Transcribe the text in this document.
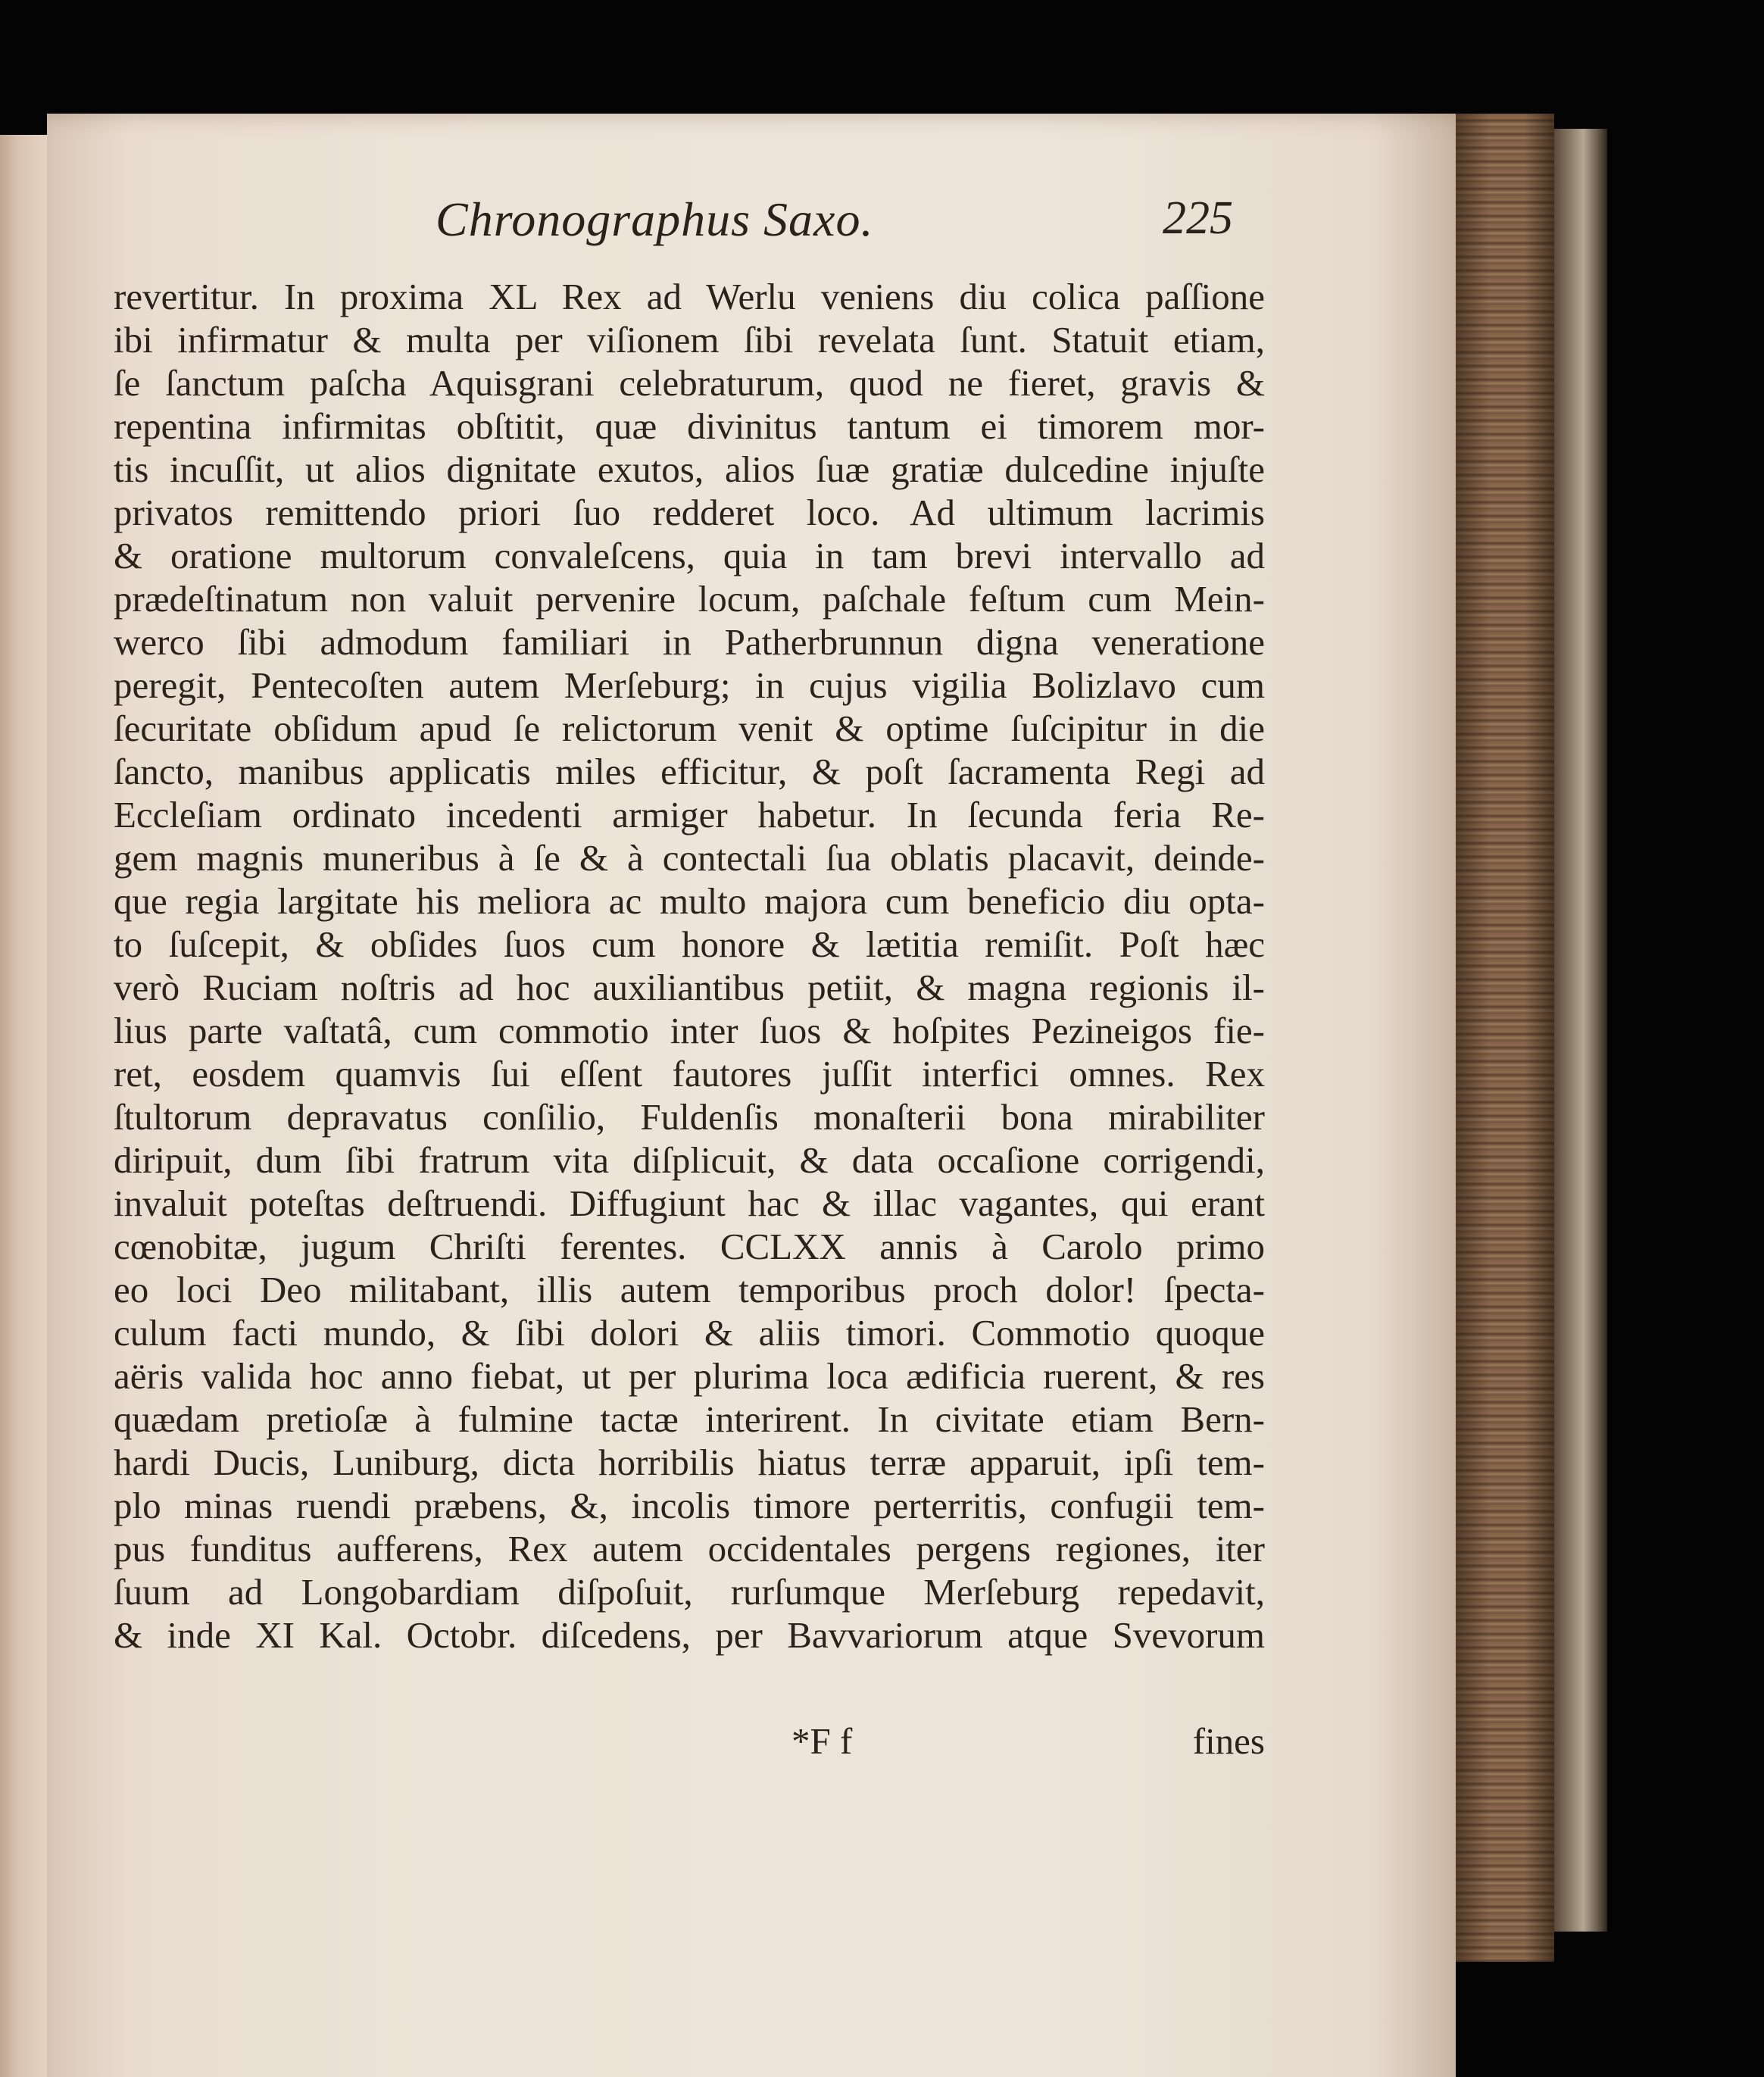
Chronographus Saxo.	225
revertitur. In proxima XL Rex ad Werlu veniens diu colica paſſione
ibi infirmatur & multa per viſionem ſibi revelata ſunt. Statuit etiam,
ſe ſanctum paſcha Aquisgrani celebraturum, quod ne fieret, gravis &
repentina infirmitas obſtitit, quæ divinitus tantum ei timorem mor-
tis incuſſit, ut alios dignitate exutos, alios ſuæ gratiæ dulcedine injuſte
privatos remittendo priori ſuo redderet loco. Ad ultimum lacrimis
& oratione multorum convaleſcens, quia in tam brevi intervallo ad
prædeſtinatum non valuit pervenire locum, paſchale feſtum cum Mein-
werco ſibi admodum familiari in Patherbrunnun digna veneratione
peregit, Pentecoſten autem Merſeburg; in cujus vigilia Bolizlavo cum
ſecuritate obſidum apud ſe relictorum venit & optime ſuſcipitur in die
ſancto, manibus applicatis miles efficitur, & poſt ſacramenta Regi ad
Eccleſiam ordinato incedenti armiger habetur. In ſecunda feria Re-
gem magnis muneribus à ſe & à contectali ſua oblatis placavit, deinde-
que regia largitate his meliora ac multo majora cum beneficio diu opta-
to ſuſcepit, & obſides ſuos cum honore & lætitia remiſit. Poſt hæc
verò Ruciam noſtris ad hoc auxiliantibus petiit, & magna regionis il-
lius parte vaſtatâ, cum commotio inter ſuos & hoſpites Pezineigos fie-
ret, eosdem quamvis ſui eſſent fautores juſſit interfici omnes. Rex
ſtultorum depravatus conſilio, Fuldenſis monaſterii bona mirabiliter
diripuit, dum ſibi fratrum vita diſplicuit, & data occaſione corrigendi,
invaluit poteſtas deſtruendi. Diffugiunt hac & illac vagantes, qui erant
cœnobitæ, jugum Chriſti ferentes. CCLXX annis à Carolo primo
eo loci Deo militabant, illis autem temporibus proch dolor! ſpecta-
culum facti mundo, & ſibi dolori & aliis timori. Commotio quoque
aëris valida hoc anno fiebat, ut per plurima loca ædificia ruerent, & res
quædam pretioſæ à fulmine tactæ interirent. In civitate etiam Bern-
hardi Ducis, Luniburg, dicta horribilis hiatus terræ apparuit, ipſi tem-
plo minas ruendi præbens, &, incolis timore perterritis, confugii tem-
pus funditus aufferens, Rex autem occidentales pergens regiones, iter
ſuum ad Longobardiam diſpoſuit, rurſumque Merſeburg repedavit,
& inde XI Kal. Octobr. diſcedens, per Bavvariorum atque Svevorum
*F f	fines
